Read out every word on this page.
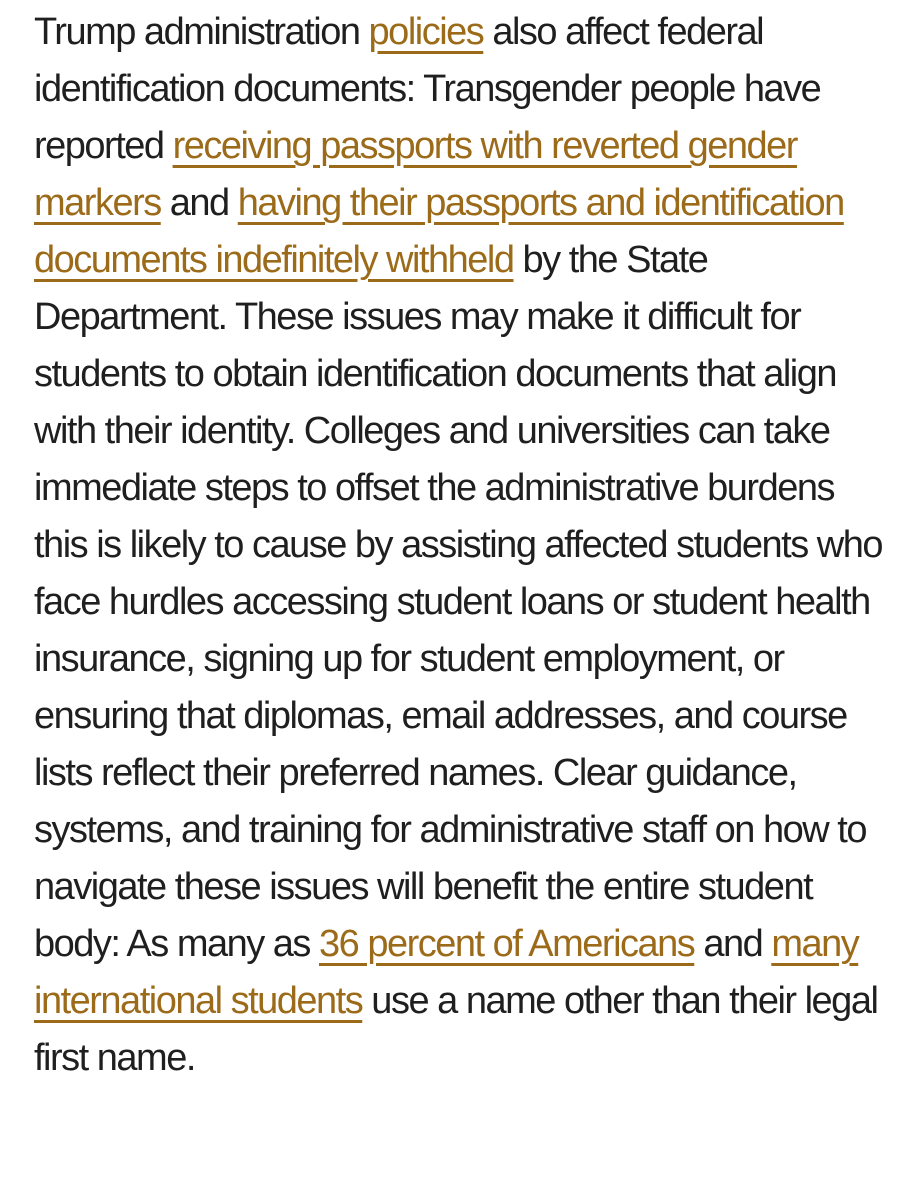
Trump administration policies also affect federal identification documents: Transgender people have reported receiving passports with reverted gender markers and having their passports and identification documents indefinitely withheld by the State Department. These issues may make it difficult for students to obtain identification documents that align with their identity. Colleges and universities can take immediate steps to offset the administrative burdens this is likely to cause by assisting affected students who face hurdles accessing student loans or student health insurance, signing up for student employment, or ensuring that diplomas, email addresses, and course lists reflect their preferred names. Clear guidance, systems, and training for administrative staff on how to navigate these issues will benefit the entire student body: As many as 36 percent of Americans and many international students use a name other than their legal first name.
